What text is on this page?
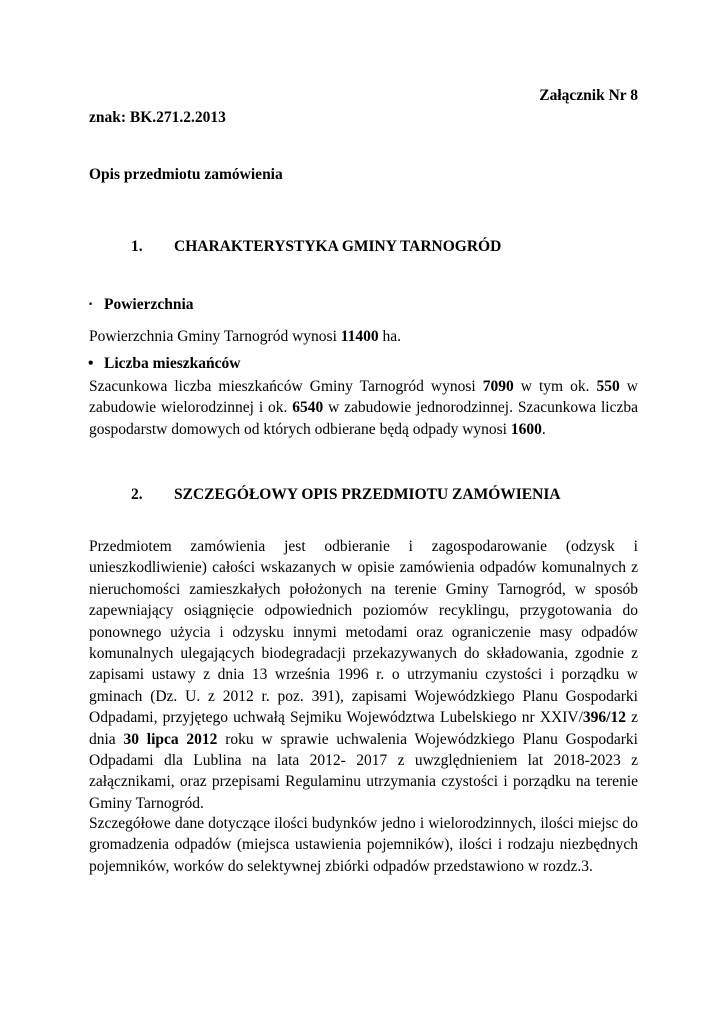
Załącznik Nr 8

znak: BK.271.2.2013

Opis przedmiotu zamówienia

1. CHARAKTERYSTYKA GMINY TARNOGRÓD

· Powierzchnia

Powierzchnia Gminy Tarnogród wynosi 11400 ha.

• Liczba mieszkańców

Szacunkowa liczba mieszkańców Gminy Tarnogród wynosi 7090 w tym ok. 550 w zabudowie wielorodzinnej i ok. 6540 w zabudowie jednorodzinnej. Szacunkowa liczba gospodarstw domowych od których odbierane będą odpady wynosi 1600.

2. SZCZEGÓŁOWY OPIS PRZEDMIOTU ZAMÓWIENIA

Przedmiotem zamówienia jest odbieranie i zagospodarowanie (odzysk i unieszkodliwienie) całości wskazanych w opisie zamówienia odpadów komunalnych z nieruchomości zamieszkałych położonych na terenie Gminy Tarnogród, w sposób zapewniający osiągnięcie odpowiednich poziomów recyklingu, przygotowania do ponownego użycia i odzysku innymi metodami oraz ograniczenie masy odpadów komunalnych ulegających biodegradacji przekazywanych do składowania, zgodnie z zapisami ustawy z dnia 13 września 1996 r. o utrzymaniu czystości i porządku w gminach (Dz. U. z 2012 r. poz. 391), zapisami Wojewódzkiego Planu Gospodarki Odpadami, przyjętego uchwałą Sejmiku Województwa Lubelskiego nr XXIV/396/12 z dnia 30 lipca 2012 roku w sprawie uchwalenia Wojewódzkiego Planu Gospodarki Odpadami dla Lublina na lata 2012- 2017 z uwzględnieniem lat 2018-2023 z załącznikami, oraz przepisami Regulaminu utrzymania czystości i porządku na terenie Gminy Tarnogród.

Szczegółowe dane dotyczące ilości budynków jedno i wielorodzinnych, ilości miejsc do gromadzenia odpadów (miejsca ustawienia pojemników), ilości i rodzaju niezbędnych pojemników, worków do selektywnej zbiórki odpadów przedstawiono w rozdz.3.
